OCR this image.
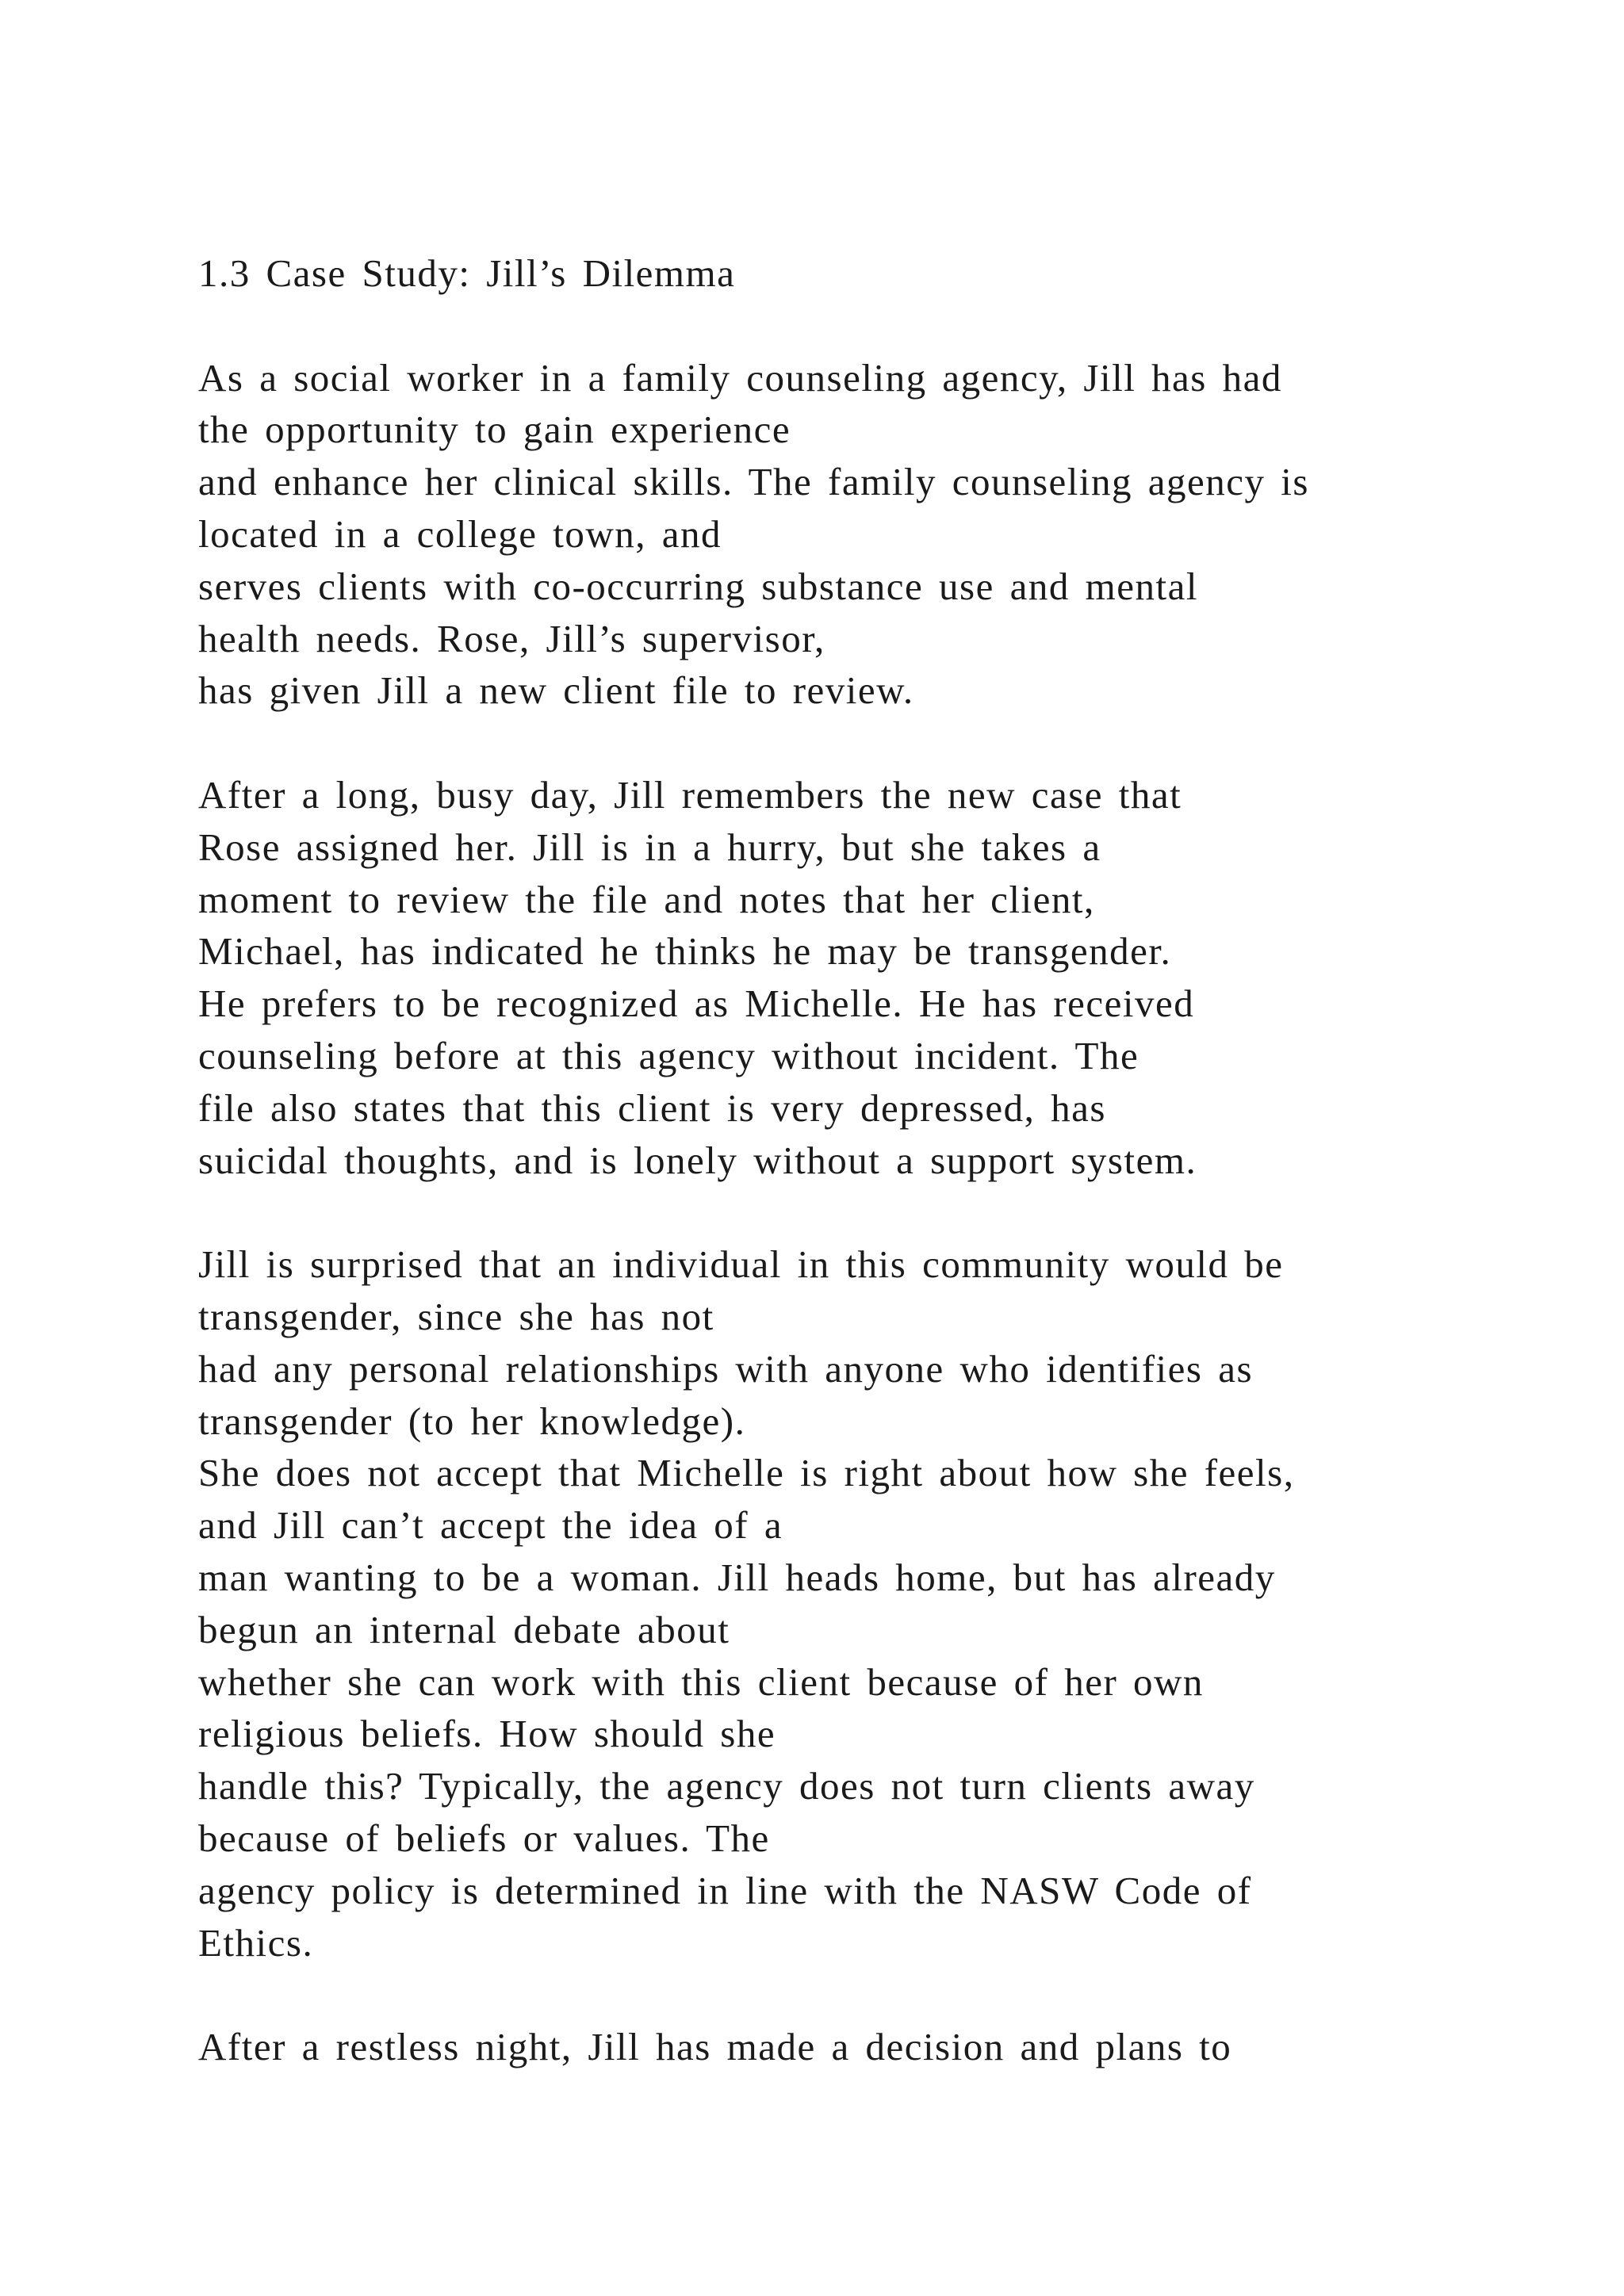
1.3 Case Study: Jill’s Dilemma
As a social worker in a family counseling agency, Jill has had
the opportunity to gain experience
and enhance her clinical skills. The family counseling agency is
located in a college town, and
serves clients with co-occurring substance use and mental
health needs. Rose, Jill’s supervisor,
has given Jill a new client file to review.
After a long, busy day, Jill remembers the new case that
Rose assigned her. Jill is in a hurry, but she takes a
moment to review the file and notes that her client,
Michael, has indicated he thinks he may be transgender.
He prefers to be recognized as Michelle. He has received
counseling before at this agency without incident. The
file also states that this client is very depressed, has
suicidal thoughts, and is lonely without a support system.
Jill is surprised that an individual in this community would be
transgender, since she has not
had any personal relationships with anyone who identifies as
transgender (to her knowledge).
She does not accept that Michelle is right about how she feels,
and Jill can’t accept the idea of a
man wanting to be a woman. Jill heads home, but has already
begun an internal debate about
whether she can work with this client because of her own
religious beliefs. How should she
handle this? Typically, the agency does not turn clients away
because of beliefs or values. The
agency policy is determined in line with the NASW Code of
Ethics.
After a restless night, Jill has made a decision and plans to
